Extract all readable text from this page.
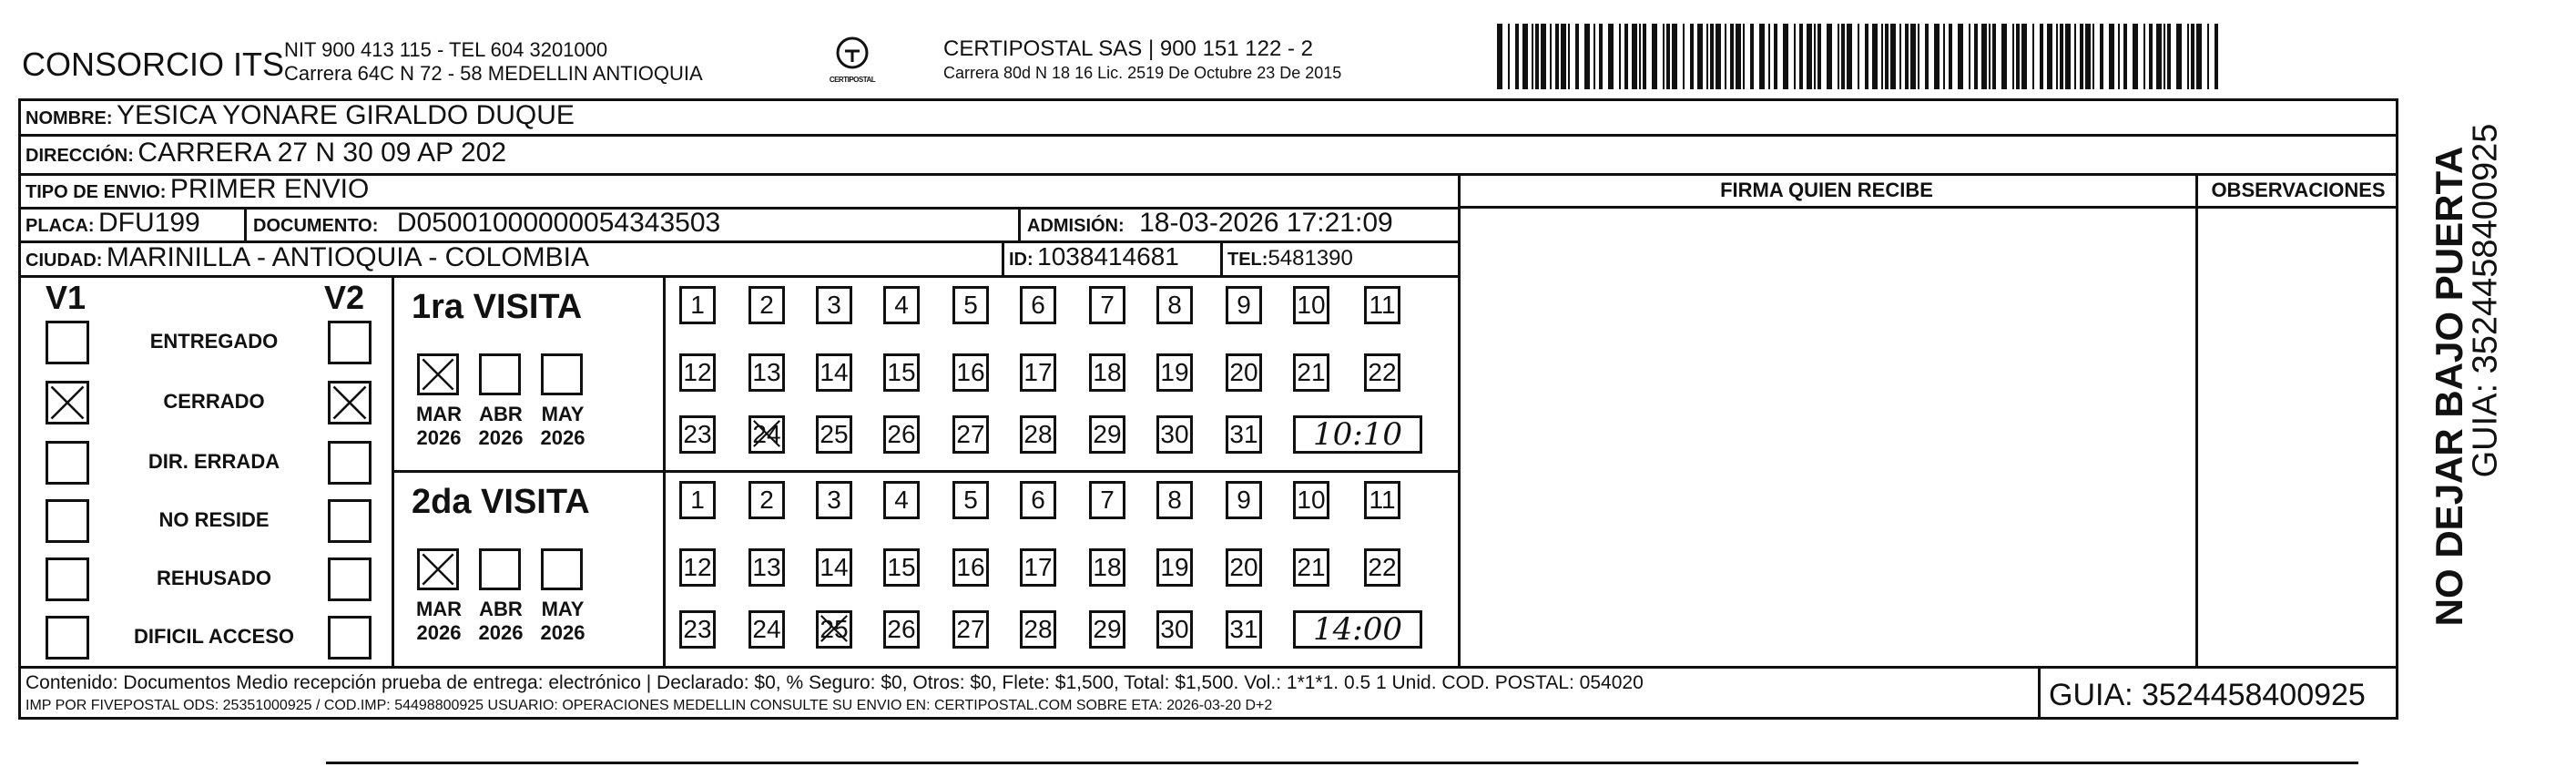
CONSORCIO ITS NIT 900 413 115 - TEL 604 3201000
Carrera 64C N 72 - 58 MEDELLIN ANTIOQUIA	CERTIPOSTAL
CERTIPOSTAL SAS | 900 151 122 - 2
Carrera 80d N 18 16 Lic. 2519 De Octubre 23 De 2015
NOMBRE: YESICA YONARE GIRALDO DUQUE
DIRECCIÓN: CARRERA 27 N 30 09 AP 202
TIPO DE ENVIO: PRIMER ENVIO	FIRMA QUIEN RECIBE	OBSERVACIONES
PLACA: DFU199	DOCUMENTO: D05001000000054343503	ADMISIÓN: 18-03-2026 17:21:09
CIUDAD: MARINILLA - ANTIOQUIA - COLOMBIA	ID: 1038414681	TEL:5481390
V1	V2
ENTREGADO
CERRADO
DIR. ERRADA
NO RESIDE
REHUSADO
DIFICIL ACCESO
1ra VISITA
MAR
2026
ABR
2026
MAY
2026
1	2	3	4	5	6	7	8	9	10 11
12 13 14 15 16 17 18 19 20 21 22
23 24 25 26 27 28 29 30 31	10:10
2da VISITA
MAR
2026
ABR
2026
MAY
2026
1	2	3	4	5	6	7	8	9	10 11
12 13 14 15 16 17 18 19 20 21 22
23 24 25 26 27 28 29 30 31	14:00
Contenido: Documentos Medio recepción prueba de entrega: electrónico | Declarado: $0, % Seguro: $0, Otros: $0, Flete: $1,500, Total: $1,500. Vol.: 1*1*1. 0.5 1 Unid. COD. POSTAL: 054020
IMP POR FIVEPOSTAL ODS: 25351000925 / COD.IMP: 54498800925 USUARIO: OPERACIONES MEDELLIN CONSULTE SU ENVIO EN: CERTIPOSTAL.COM SOBRE ETA: 2026-03-20 D+2	GUIA: 3524458400925
NO DEJAR BAJO PUERTA
GUIA: 3524458400925
